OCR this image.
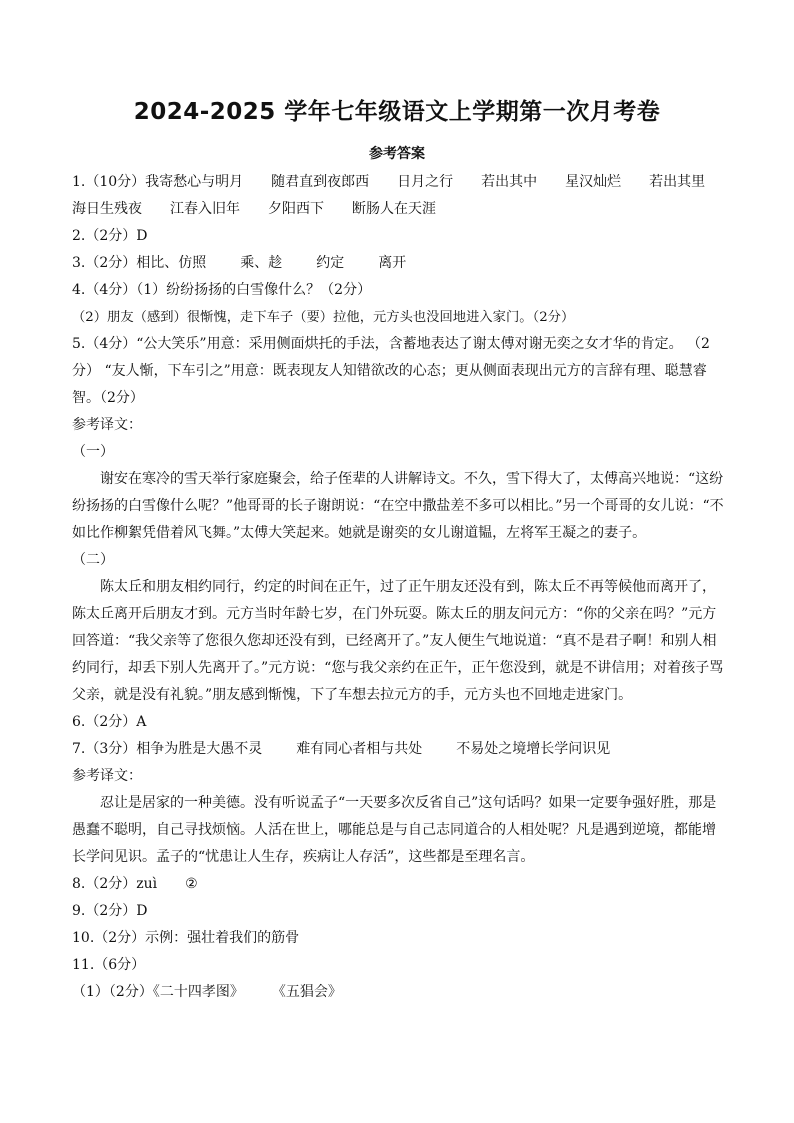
2024-2025 学年七年级语文上学期第一次月考卷
参考答案
1.（10分）我寄愁心与明月 随君直到夜郎西 日月之行 若出其中 星汉灿烂 若出其里
海日生残夜 江春入旧年 夕阳西下 断肠人在天涯
2.（2分）D
3.（2分）相比、仿照 乘、趁 约定 离开
4.（4分）（1）纷纷扬扬的白雪像什么？（2分）
（2）朋友（感到）很惭愧，走下车子（要）拉他，元方头也没回地进入家门。（2分）
5.（4分）“公大笑乐”用意：采用侧面烘托的手法，含蓄地表达了谢太傅对谢无奕之女才华的肯定。 （2分） “友人惭，下车引之”用意：既表现友人知错欲改的心态；更从侧面表现出元方的言辞有理、聪慧睿智。（2分）
参考译文：
（一）
谢安在寒冷的雪天举行家庭聚会，给子侄辈的人讲解诗文。不久，雪下得大了，太傅高兴地说：“这纷纷扬扬的白雪像什么呢？”他哥哥的长子谢朗说：“在空中撒盐差不多可以相比。”另一个哥哥的女儿说：“不如比作柳絮凭借着风飞舞。”太傅大笑起来。她就是谢奕的女儿谢道韫，左将军王凝之的妻子。
（二）
陈太丘和朋友相约同行，约定的时间在正午，过了正午朋友还没有到，陈太丘不再等候他而离开了，陈太丘离开后朋友才到。元方当时年龄七岁，在门外玩耍。陈太丘的朋友问元方：“你的父亲在吗？”元方回答道：“我父亲等了您很久您却还没有到，已经离开了。”友人便生气地说道：“真不是君子啊！和别人相约同行，却丢下别人先离开了。”元方说：“您与我父亲约在正午，正午您没到，就是不讲信用；对着孩子骂父亲，就是没有礼貌。”朋友感到惭愧，下了车想去拉元方的手，元方头也不回地走进家门。
6.（2分）A
7.（3分）相争为胜是大愚不灵 难有同心者相与共处 不易处之境增长学问识见
参考译文：
忍让是居家的一种美德。没有听说孟子“一天要多次反省自己”这句话吗？如果一定要争强好胜，那是愚蠢不聪明，自己寻找烦恼。人活在世上，哪能总是与自己志同道合的人相处呢？凡是遇到逆境，都能增长学问见识。孟子的“忧患让人生存，疾病让人存活”，这些都是至理名言。
8.（2分）zuì ②
9.（2分）D
10.（2分）示例：强壮着我们的筋骨
11.（6分）
（1）（2分）《二十四孝图》 《五猖会》
